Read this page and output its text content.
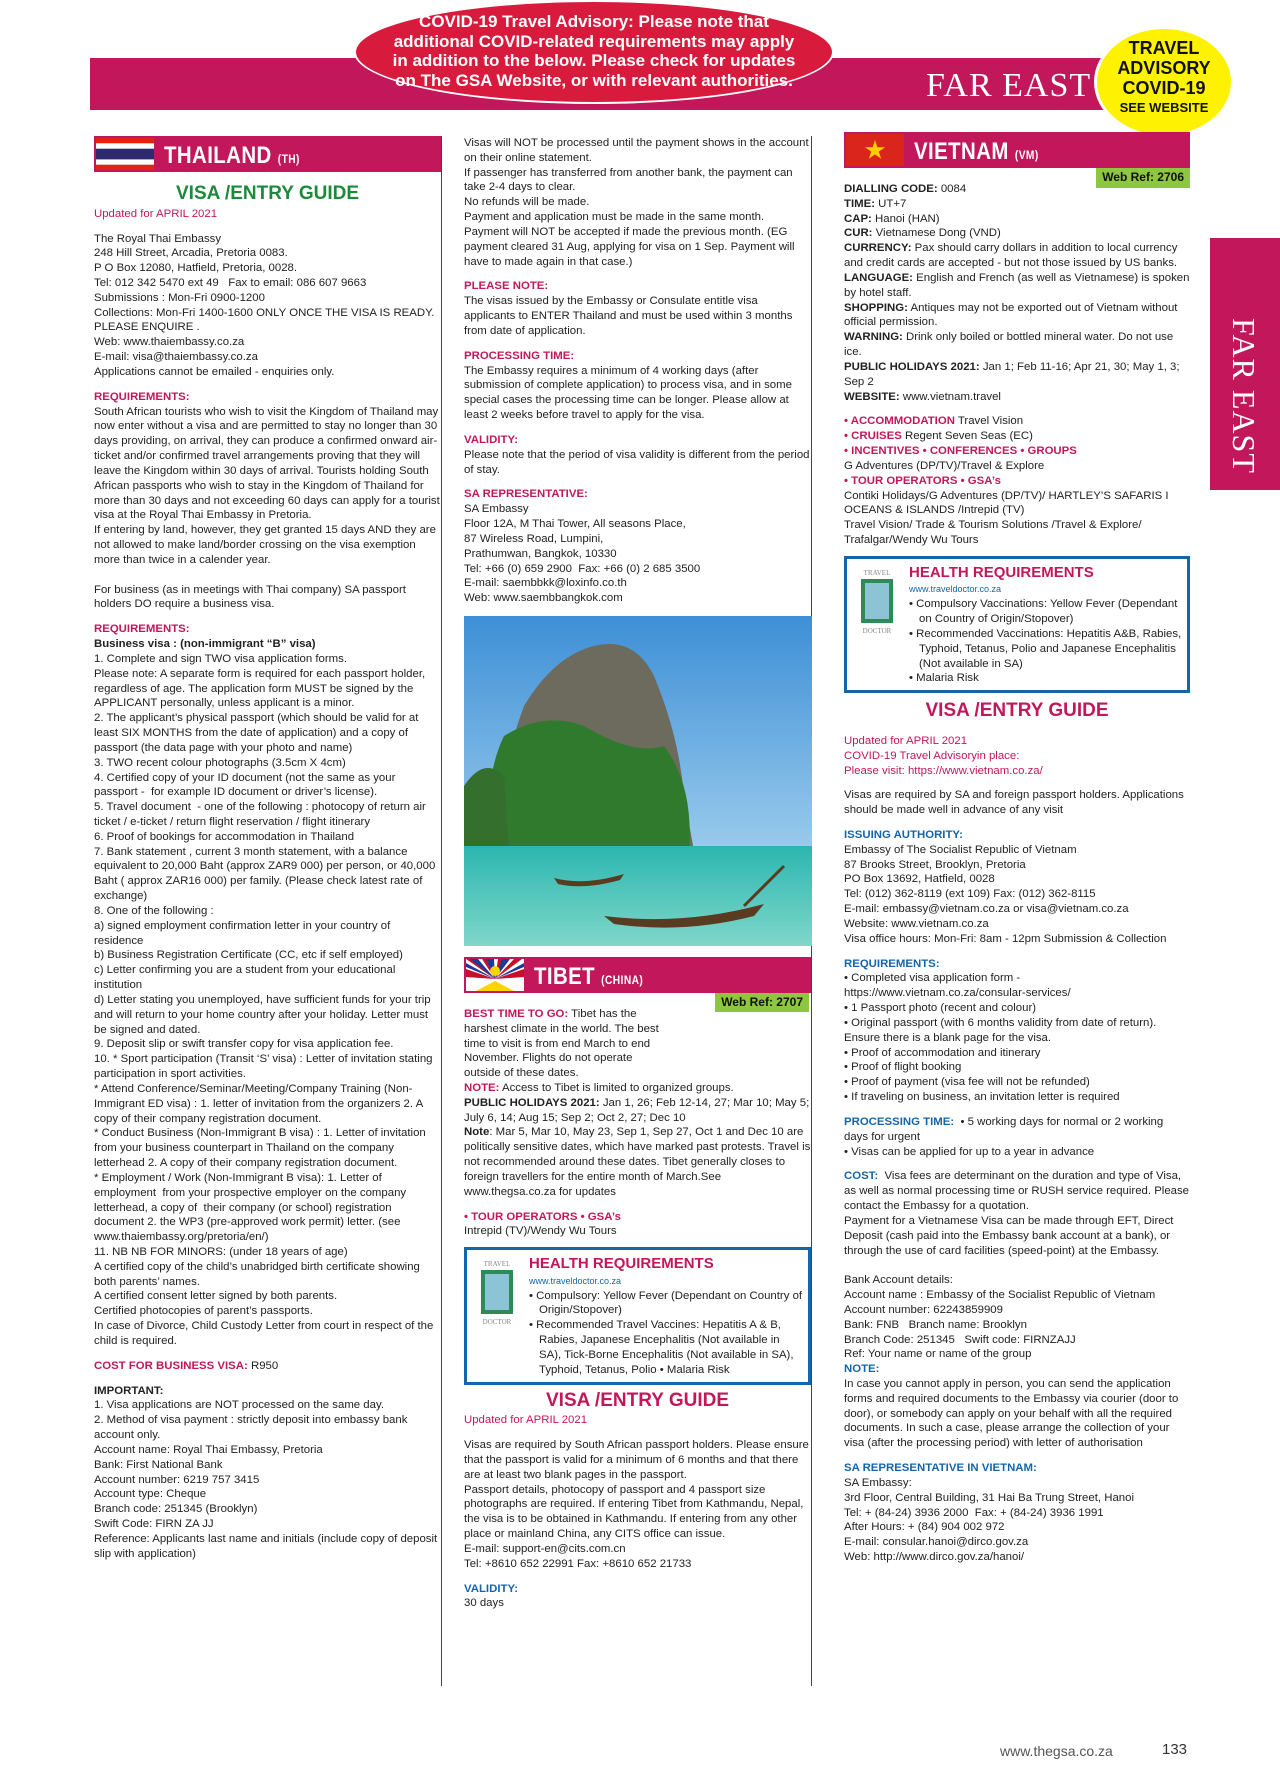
FAR EAST
COVID-19 Travel Advisory: Please note that additional COVID-related requirements may apply in addition to the below. Please check for updates on The GSA Website, or with relevant authorities.
TRAVEL
ADVISORY
COVID-19
SEE WEBSITE
FAR EAST
THAILAND (TH)
VISA /ENTRY GUIDE
Updated for APRIL 2021
The Royal Thai Embassy
248 Hill Street, Arcadia, Pretoria 0083.
P O Box 12080, Hatfield, Pretoria, 0028.
Tel: 012 342 5470 ext 49   Fax to email: 086 607 9663
Submissions : Mon-Fri 0900-1200
Collections: Mon-Fri 1400-1600 ONLY ONCE THE VISA IS READY. PLEASE ENQUIRE .
Web: www.thaiembassy.co.za
E-mail: visa@thaiembassy.co.za
Applications cannot be emailed - enquiries only.
REQUIREMENTS:
South African tourists who wish to visit the Kingdom of Thailand may now enter without a visa and are permitted to stay no longer than 30 days providing, on arrival, they can produce a confirmed onward air-ticket and/or confirmed travel arrangements proving that they will leave the Kingdom within 30 days of arrival. Tourists holding South African passports who wish to stay in the Kingdom of Thailand for more than 30 days and not exceeding 60 days can apply for a tourist visa at the Royal Thai Embassy in Pretoria.
If entering by land, however, they get granted 15 days AND they are not allowed to make land/border crossing on the visa exemption more than twice in a calender year.

For business (as in meetings with Thai company) SA passport holders DO require a business visa.
REQUIREMENTS:
Business visa : (non-immigrant “B” visa)
1. Complete and sign TWO visa application forms.
Please note: A separate form is required for each passport holder, regardless of age. The application form MUST be signed by the APPLICANT personally, unless applicant is a minor.
2. The applicant’s physical passport (which should be valid for at least SIX MONTHS from the date of application) and a copy of passport (the data page with your photo and name)
3. TWO recent colour photographs (3.5cm X 4cm)
4. Certified copy of your ID document (not the same as your passport -  for example ID document or driver’s license).
5. Travel document  - one of the following : photocopy of return air ticket / e-ticket / return flight reservation / flight itinerary
6. Proof of bookings for accommodation in Thailand
7. Bank statement , current 3 month statement, with a balance equivalent to 20,000 Baht (approx ZAR9 000) per person, or 40,000 Baht ( approx ZAR16 000) per family. (Please check latest rate of exchange)
8. One of the following :
a) signed employment confirmation letter in your country of residence
b) Business Registration Certificate (CC, etc if self employed)
c) Letter confirming you are a student from your educational institution
d) Letter stating you unemployed, have sufficient funds for your trip and will return to your home country after your holiday. Letter must be signed and dated.
9. Deposit slip or swift transfer copy for visa application fee.
10. * Sport participation (Transit ‘S’ visa) : Letter of invitation stating participation in sport activities.
* Attend Conference/Seminar/Meeting/Company Training (Non-Immigrant ED visa) : 1. letter of invitation from the organizers 2. A copy of their company registration document.
* Conduct Business (Non-Immigrant B visa) : 1. Letter of invitation  from your business counterpart in Thailand on the company  letterhead 2. A copy of their company registration document.
* Employment / Work (Non-Immigrant B visa): 1. Letter of employment  from your prospective employer on the company letterhead, a copy of  their company (or school) registration document 2. the WP3 (pre-approved work permit) letter. (see www.thaiembassy.org/pretoria/en/)
11. NB NB FOR MINORS: (under 18 years of age)
A certified copy of the child’s unabridged birth certificate showing both parents’ names.
A certified consent letter signed by both parents.
Certified photocopies of parent’s passports.
In case of Divorce, Child Custody Letter from court in respect of the child is required.
COST FOR BUSINESS VISA: R950
IMPORTANT:
1. Visa applications are NOT processed on the same day.
2. Method of visa payment : strictly deposit into embassy bank account only.
Account name: Royal Thai Embassy, Pretoria
Bank: First National Bank
Account number: 6219 757 3415
Account type: Cheque
Branch code: 251345 (Brooklyn)
Swift Code: FIRN ZA JJ
Reference: Applicants last name and initials (include copy of deposit slip with application)
Visas will NOT be processed until the payment shows in the account on their online statement.
If passenger has transferred from another bank, the payment can take 2-4 days to clear.
No refunds will be made.
Payment and application must be made in the same month. Payment will NOT be accepted if made the previous month. (EG payment cleared 31 Aug, applying for visa on 1 Sep. Payment will have to made again in that case.)
PLEASE NOTE:
The visas issued by the Embassy or Consulate entitle visa applicants to ENTER Thailand and must be used within 3 months from date of application.
PROCESSING TIME:
The Embassy requires a minimum of 4 working days (after submission of complete application) to process visa, and in some special cases the processing time can be longer. Please allow at least 2 weeks before travel to apply for the visa.
VALIDITY:
Please note that the period of visa validity is different from the period of stay.
SA REPRESENTATIVE:
SA Embassy
Floor 12A, M Thai Tower, All seasons Place,
87 Wireless Road, Lumpini,
Prathumwan, Bangkok, 10330
Tel: +66 (0) 659 2900  Fax: +66 (0) 2 685 3500
E-mail: saembbkk@loxinfo.co.th
Web: www.saembbangkok.com
TIBET (CHINA)
Web Ref: 2707
BEST TIME TO GO: Tibet has the harshest climate in the world. The best time to visit is from end March to end November. Flights do not operate outside of these dates.
NOTE: Access to Tibet is limited to organized groups.
PUBLIC HOLIDAYS 2021: Jan 1, 26; Feb 12-14, 27; Mar 10; May 5; July 6, 14; Aug 15; Sep 2; Oct 2, 27; Dec 10
Note: Mar 5, Mar 10, May 23, Sep 1, Sep 27, Oct 1 and Dec 10 are politically sensitive dates, which have marked past protests. Travel is not recommended around these dates. Tibet generally closes to foreign travellers for the entire month of March.See www.thegsa.co.za for updates
• TOUR OPERATORS • GSA’s
Intrepid (TV)/Wendy Wu Tours
TRAVEL
DOCTOR
HEALTH REQUIREMENTS www.traveldoctor.co.za
• Compulsory: Yellow Fever (Dependant on Country of Origin/Stopover)
• Recommended Travel Vaccines: Hepatitis A & B, Rabies, Japanese Encephalitis (Not available in SA), Tick-Borne Encephalitis (Not available in SA), Typhoid, Tetanus, Polio • Malaria Risk
VISA /ENTRY GUIDE
Updated for APRIL 2021
Visas are required by South African passport holders. Please ensure that the passport is valid for a minimum of 6 months and that there are at least two blank pages in the passport.
Passport details, photocopy of passport and 4 passport size photographs are required. If entering Tibet from Kathmandu, Nepal, the visa is to be obtained in Kathmandu. If entering from any other place or mainland China, any CITS office can issue.
E-mail: support-en@cits.com.cn
Tel: +8610 652 22991 Fax: +8610 652 21733
VALIDITY:
30 days
VIETNAM (VM)
Web Ref: 2706
DIALLING CODE: 0084
TIME: UT+7
CAP: Hanoi (HAN)
CUR: Vietnamese Dong (VND)
CURRENCY: Pax should carry dollars in addition to local currency and credit cards are accepted - but not those issued by US banks.
LANGUAGE: English and French (as well as Vietnamese) is spoken by hotel staff.
SHOPPING: Antiques may not be exported out of Vietnam without official permission.
WARNING: Drink only boiled or bottled mineral water. Do not use ice.
PUBLIC HOLIDAYS 2021: Jan 1; Feb 11-16; Apr 21, 30; May 1, 3; Sep 2
WEBSITE: www.vietnam.travel
• ACCOMMODATION Travel Vision
• CRUISES Regent Seven Seas (EC)
• INCENTIVES • CONFERENCES • GROUPS
G Adventures (DP/TV)/Travel & Explore
• TOUR OPERATORS • GSA’s
Contiki Holidays/G Adventures (DP/TV)/ HARTLEY’S SAFARIS I OCEANS & ISLANDS /Intrepid (TV)
Travel Vision/ Trade & Tourism Solutions /Travel & Explore/ Trafalgar/Wendy Wu Tours
TRAVEL
DOCTOR
HEALTH REQUIREMENTS www.traveldoctor.co.za
• Compulsory Vaccinations: Yellow Fever (Dependant on Country of Origin/Stopover)
• Recommended Vaccinations: Hepatitis A&B, Rabies, Typhoid, Tetanus, Polio and Japanese Encephalitis (Not available in SA)
• Malaria Risk
VISA /ENTRY GUIDE
Updated for APRIL 2021
COVID-19 Travel Advisoryin place:
Please visit: https://www.vietnam.co.za/
Visas are required by SA and foreign passport holders. Applications should be made well in advance of any visit
ISSUING AUTHORITY:
Embassy of The Socialist Republic of Vietnam
87 Brooks Street, Brooklyn, Pretoria
PO Box 13692, Hatfield, 0028
Tel: (012) 362-8119 (ext 109) Fax: (012) 362-8115
E-mail: embassy@vietnam.co.za or visa@vietnam.co.za
Website: www.vietnam.co.za
Visa office hours: Mon-Fri: 8am - 12pm Submission & Collection
REQUIREMENTS:
• Completed visa application form -
https://www.vietnam.co.za/consular-services/
• 1 Passport photo (recent and colour)
• Original passport (with 6 months validity from date of return). Ensure there is a blank page for the visa.
• Proof of accommodation and itinerary
• Proof of flight booking
• Proof of payment (visa fee will not be refunded)
• If traveling on business, an invitation letter is required
PROCESSING TIME:  • 5 working days for normal or 2 working days for urgent
• Visas can be applied for up to a year in advance
COST:  Visa fees are determinant on the duration and type of Visa, as well as normal processing time or RUSH service required. Please contact the Embassy for a quotation.
Payment for a Vietnamese Visa can be made through EFT, Direct Deposit (cash paid into the Embassy bank account at a bank), or through the use of card facilities (speed-point) at the Embassy.

Bank Account details:
Account name : Embassy of the Socialist Republic of Vietnam
Account number: 62243859909
Bank: FNB   Branch name: Brooklyn
Branch Code: 251345   Swift code: FIRNZAJJ
Ref: Your name or name of the group
NOTE:
In case you cannot apply in person, you can send the application forms and required documents to the Embassy via courier (door to door), or somebody can apply on your behalf with all the required documents. In such a case, please arrange the collection of your visa (after the processing period) with letter of authorisation
SA REPRESENTATIVE IN VIETNAM:
SA Embassy:
3rd Floor, Central Building, 31 Hai Ba Trung Street, Hanoi
Tel: + (84-24) 3936 2000  Fax: + (84-24) 3936 1991
After Hours: + (84) 904 002 972
E-mail: consular.hanoi@dirco.gov.za
Web: http://www.dirco.gov.za/hanoi/
www.thegsa.co.za	133
